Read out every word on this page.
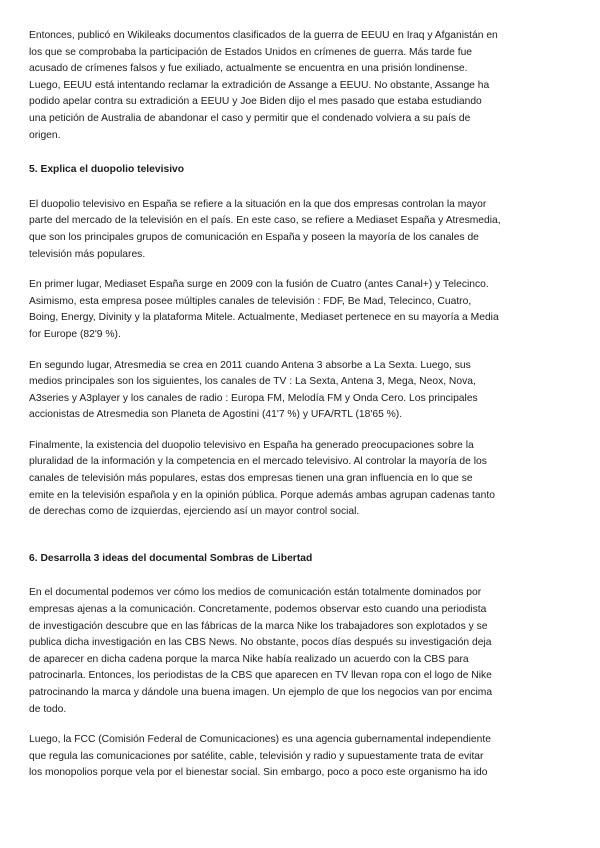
Entonces, publicó en Wikileaks documentos clasificados de la guerra de EEUU en Iraq y Afganistán en
los que se comprobaba la participación de Estados Unidos en crímenes de guerra. Más tarde fue
acusado de crímenes falsos y fue exiliado, actualmente se encuentra en una prisión londinense.
Luego, EEUU está intentando reclamar la extradición de Assange a EEUU. No obstante, Assange ha
podido apelar contra su extradición a EEUU y Joe Biden dijo el mes pasado que estaba estudiando
una petición de Australia de abandonar el caso y permitir que el condenado volviera a su país de
origen.

5. Explica el duopolio televisivo

El duopolio televisivo en España se refiere a la situación en la que dos empresas controlan la mayor
parte del mercado de la televisión en el país. En este caso, se refiere a Mediaset España y Atresmedia,
que son los principales grupos de comunicación en España y poseen la mayoría de los canales de
televisión más populares.

En primer lugar, Mediaset España surge en 2009 con la fusión de Cuatro (antes Canal+) y Telecinco.
Asimismo, esta empresa posee múltiples canales de televisión : FDF, Be Mad, Telecinco, Cuatro,
Boing, Energy, Divinity y la plataforma Mitele. Actualmente, Mediaset pertenece en su mayoría a Media
for Europe (82'9 %).

En segundo lugar, Atresmedia se crea en 2011 cuando Antena 3 absorbe a La Sexta. Luego, sus
medios principales son los siguientes, los canales de TV : La Sexta, Antena 3, Mega, Neox, Nova,
A3series y A3player y los canales de radio : Europa FM, Melodía FM y Onda Cero. Los principales
accionistas de Atresmedia son Planeta de Agostini (41'7 %) y UFA/RTL (18'65 %).

Finalmente, la existencia del duopolio televisivo en España ha generado preocupaciones sobre la
pluralidad de la información y la competencia en el mercado televisivo. Al controlar la mayoría de los
canales de televisión más populares, estas dos empresas tienen una gran influencia en lo que se
emite en la televisión española y en la opinión pública. Porque además ambas agrupan cadenas tanto
de derechas como de izquierdas, ejerciendo así un mayor control social.

6. Desarrolla 3 ideas del documental Sombras de Libertad

En el documental podemos ver cómo los medios de comunicación están totalmente dominados por
empresas ajenas a la comunicación. Concretamente, podemos observar esto cuando una periodista
de investigación descubre que en las fábricas de la marca Nike los trabajadores son explotados y se
publica dicha investigación en las CBS News. No obstante, pocos días después su investigación deja
de aparecer en dicha cadena porque la marca Nike había realizado un acuerdo con la CBS para
patrocinarla. Entonces, los periodistas de la CBS que aparecen en TV llevan ropa con el logo de Nike
patrocinando la marca y dándole una buena imagen. Un ejemplo de que los negocios van por encima
de todo.

Luego, la FCC (Comisión Federal de Comunicaciones) es una agencia gubernamental independiente
que regula las comunicaciones por satélite, cable, televisión y radio y supuestamente trata de evitar
los monopolios porque vela por el bienestar social. Sin embargo, poco a poco este organismo ha ido
